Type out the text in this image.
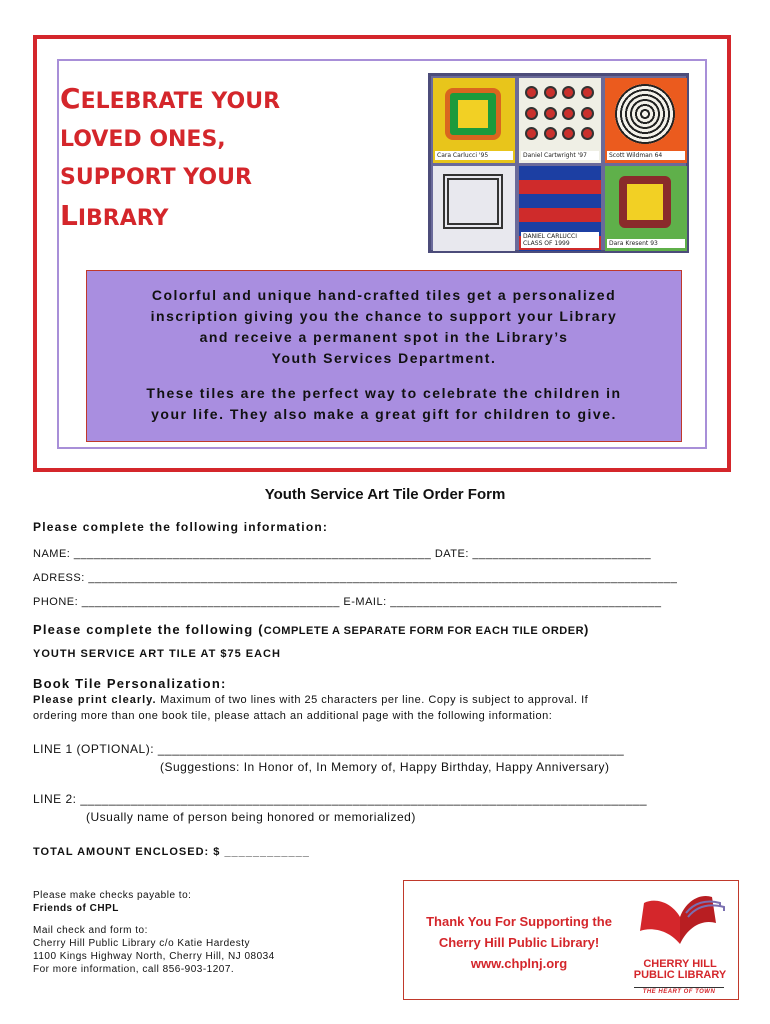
CELEBRATE YOUR
LOVED ONES,
SUPPORT YOUR
LIBRARY
Cara Carlucci '95	Daniel Cartwright '97	Scott Wildman 64
DANIEL CARLUCCI CLASS OF 1999	Dara Kresent 93

Colorful and unique hand-crafted tiles get a personalized

inscription giving you the chance to support your Library

and receive a permanent spot in the Library’s

Youth Services Department.

These tiles are the perfect way to celebrate the children in

your life. They also make a great gift for children to give.

Youth Service Art Tile Order Form
Please complete the following information:
NAME: ______________________________________________________ DATE: ___________________________
ADRESS: _________________________________________________________________________________________
PHONE: _______________________________________ E-MAIL: _________________________________________
Please complete the following (COMPLETE A SEPARATE FORM FOR EACH TILE ORDER)
YOUTH SERVICE ART TILE AT $75 EACH
Book Tile Personalization:
Please print clearly. Maximum of two lines with 25 characters per line. Copy is subject to approval. If
ordering more than one book tile, please attach an additional page with the following information:
LINE 1 (OPTIONAL): _________________________________________________________________
(Suggestions: In Honor of, In Memory of, Happy Birthday, Happy Anniversary)
LINE 2: _______________________________________________________________________________
(Usually name of person being honored or memorialized)
TOTAL AMOUNT ENCLOSED: $ ____________
Please make checks payable to:
Friends of CHPL
Mail check and form to:
Cherry Hill Public Library c/o Katie Hardesty
1100 Kings Highway North, Cherry Hill, NJ 08034
For more information, call 856-903-1207.
Thank You For Supporting the
Cherry Hill Public Library!
www.chplnj.org	CHERRY HILL
PUBLIC LIBRARY
THE HEART OF TOWN
